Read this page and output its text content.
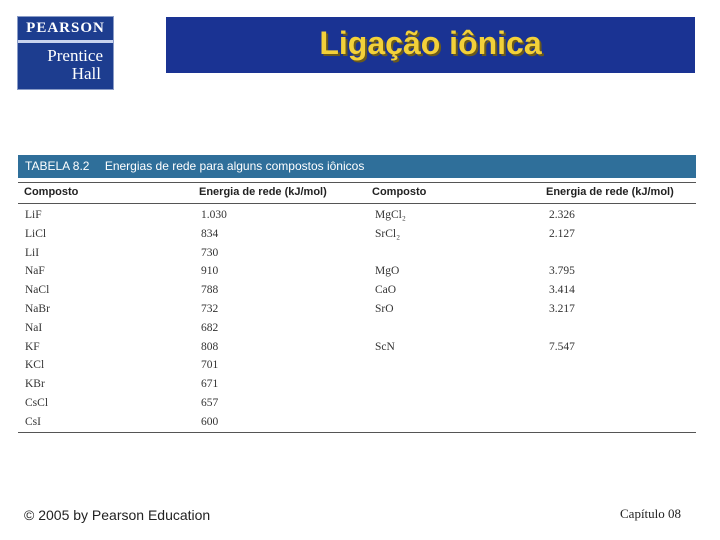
PEARSON
Prentice
Hall
Ligação iônica
TABELA 8.2 Energias de rede para alguns compostos iônicos
Composto	Energia de rede (kJ/mol)	Composto	Energia de rede (kJ/mol)
LiF	1.030	MgCl₂	2.326
LiCl	834	SrCl₂	2.127
LiI	730
NaF	910	MgO	3.795
NaCl	788	CaO	3.414
NaBr	732	SrO	3.217
NaI	682
KF	808	ScN	7.547
KCl	701
KBr	671
CsCl	657
CsI	600
© 2005 by Pearson Education	Capítulo 08
